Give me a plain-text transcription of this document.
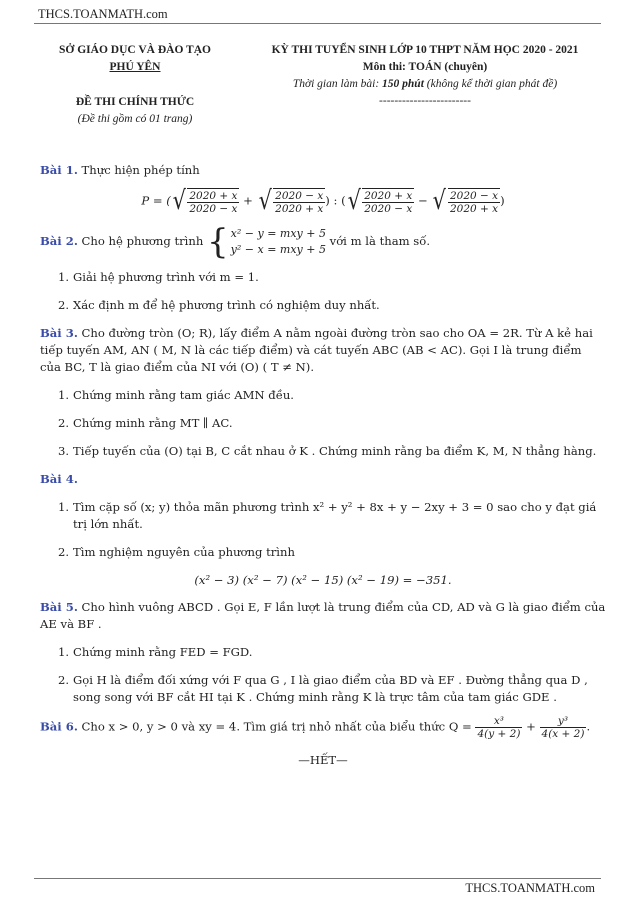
THCS.TOANMATH.com
SỞ GIÁO DỤC VÀ ĐÀO TẠO
PHÚ YÊN
ĐỀ THI CHÍNH THỨC
(Đề thi gồm có 01 trang)
KỲ THI TUYỂN SINH LỚP 10 THPT NĂM HỌC 2020 - 2021
Môn thi: TOÁN (chuyên)
Thời gian làm bài: 150 phút (không kể thời gian phát đề)
------------------------

Bài 1. Thực hiện phép tính

P = ( √ $\frac{2020 + x}{2020 - x}$ + √ $\frac{2020 - x}{2020 + x}$ ) : ( √ $\frac{2020 + x}{2020 - x}$ − √ $\frac{2020 - x}{2020 + x}$ )

Bài 2. Cho hệ phương trình { x² − y = mxy + 5
y² − x = mxy + 5
với m là tham số.

1. Giải hệ phương trình với m = 1.
2. Xác định m để hệ phương trình có nghiệm duy nhất.

Bài 3. Cho đường tròn (O; R), lấy điểm A nằm ngoài đường tròn sao cho OA = 2R. Từ A kẻ hai tiếp tuyến AM, AN ( M, N là các tiếp điểm) và cát tuyến ABC (AB < AC). Gọi I là trung điểm của BC, T là giao điểm của NI với (O) ( T ≠ N).

1. Chứng minh rằng tam giác AMN đều.
2. Chứng minh rằng MT ∥ AC.
3. Tiếp tuyến của (O) tại B, C cắt nhau ở K . Chứng minh rằng ba điểm K, M, N thẳng hàng.

Bài 4.

1. Tìm cặp số (x; y) thỏa mãn phương trình x² + y² + 8x + y − 2xy + 3 = 0 sao cho y đạt giá trị lớn nhất.
2. Tìm nghiệm nguyên của phương trình
(x² − 3) (x² − 7) (x² − 15) (x² − 19) = −351.

Bài 5. Cho hình vuông ABCD . Gọi E, F lần lượt là trung điểm của CD, AD và G là giao điểm của AE và BF .

1. Chứng minh rằng FED = FGD.
2. Gọi H là điểm đối xứng với F qua G , I là giao điểm của BD và EF . Đường thẳng qua D , song song với BF cắt HI tại K . Chứng minh rằng K là trực tâm của tam giác GDE .

Bài 6. Cho x > 0, y > 0 và xy = 4. Tìm giá trị nhỏ nhất của biểu thức $Q = \frac{\text{x³}}{4(y + 2)} + \frac{\text{y³}}{4(x + 2)}$ .

—HẾT—
THCS.TOANMATH.com
